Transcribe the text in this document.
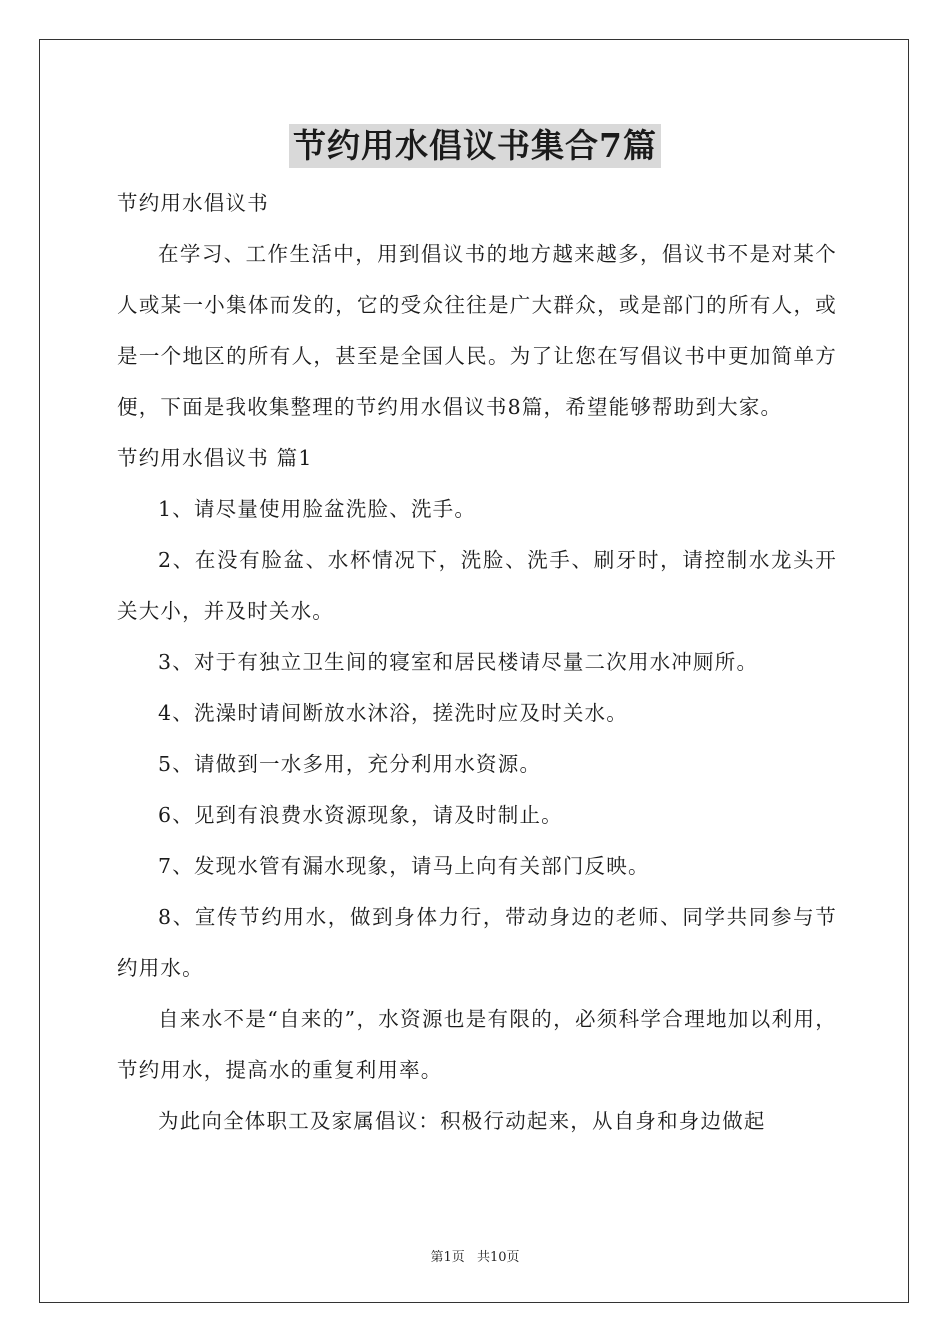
节约用水倡议书集合7篇

节约用水倡议书

在学习、工作生活中，用到倡议书的地方越来越多，倡议书不是对某个人或某一小集体而发的，它的受众往往是广大群众，或是部门的所有人，或是一个地区的所有人，甚至是全国人民。为了让您在写倡议书中更加简单方便，下面是我收集整理的节约用水倡议书8篇，希望能够帮助到大家。

节约用水倡议书 篇1

1、请尽量使用脸盆洗脸、洗手。

2、在没有脸盆、水杯情况下，洗脸、洗手、刷牙时，请控制水龙头开关大小，并及时关水。

3、对于有独立卫生间的寝室和居民楼请尽量二次用水冲厕所。

4、洗澡时请间断放水沐浴，搓洗时应及时关水。

5、请做到一水多用，充分利用水资源。

6、见到有浪费水资源现象，请及时制止。

7、发现水管有漏水现象，请马上向有关部门反映。

8、宣传节约用水，做到身体力行，带动身边的老师、同学共同参与节约用水。

自来水不是“自来的”，水资源也是有限的，必须科学合理地加以利用，节约用水，提高水的重复利用率。

为此向全体职工及家属倡议：积极行动起来，从自身和身边做起

第1页 共10页
